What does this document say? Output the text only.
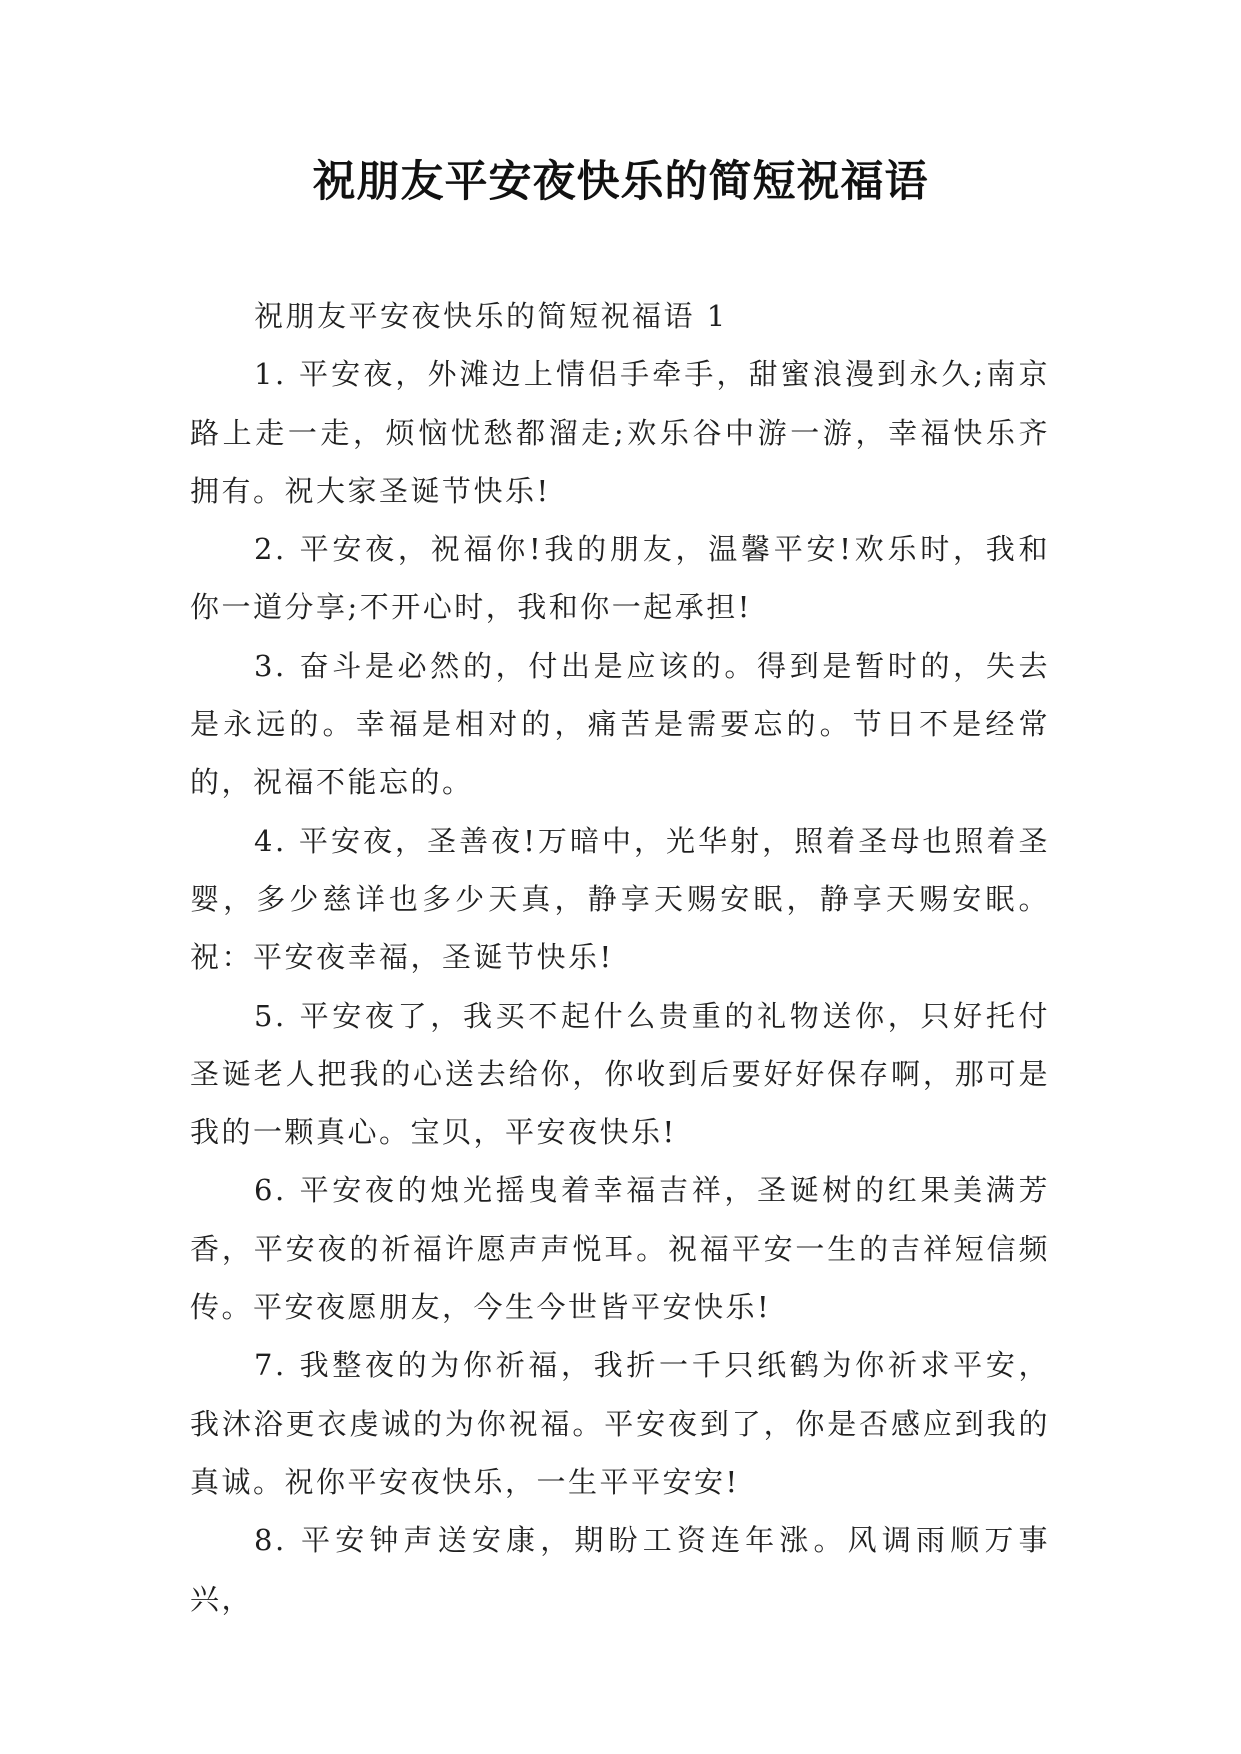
祝朋友平安夜快乐的简短祝福语

祝朋友平安夜快乐的简短祝福语 1

1. 平安夜，外滩边上情侣手牵手，甜蜜浪漫到永久;南京路上走一走，烦恼忧愁都溜走;欢乐谷中游一游，幸福快乐齐拥有。祝大家圣诞节快乐!

2. 平安夜，祝福你!我的朋友，温馨平安!欢乐时，我和你一道分享;不开心时，我和你一起承担!

3. 奋斗是必然的，付出是应该的。得到是暂时的，失去是永远的。幸福是相对的，痛苦是需要忘的。节日不是经常的，祝福不能忘的。

4. 平安夜，圣善夜!万暗中，光华射，照着圣母也照着圣婴，多少慈详也多少天真，静享天赐安眠，静享天赐安眠。祝：平安夜幸福，圣诞节快乐!

5. 平安夜了，我买不起什么贵重的礼物送你，只好托付圣诞老人把我的心送去给你，你收到后要好好保存啊，那可是我的一颗真心。宝贝，平安夜快乐!

6. 平安夜的烛光摇曳着幸福吉祥，圣诞树的红果美满芳香，平安夜的祈福许愿声声悦耳。祝福平安一生的吉祥短信频传。平安夜愿朋友，今生今世皆平安快乐!

7. 我整夜的为你祈福，我折一千只纸鹤为你祈求平安，我沐浴更衣虔诚的为你祝福。平安夜到了，你是否感应到我的真诚。祝你平安夜快乐，一生平平安安!

8. 平安钟声送安康，期盼工资连年涨。风调雨顺万事兴，
